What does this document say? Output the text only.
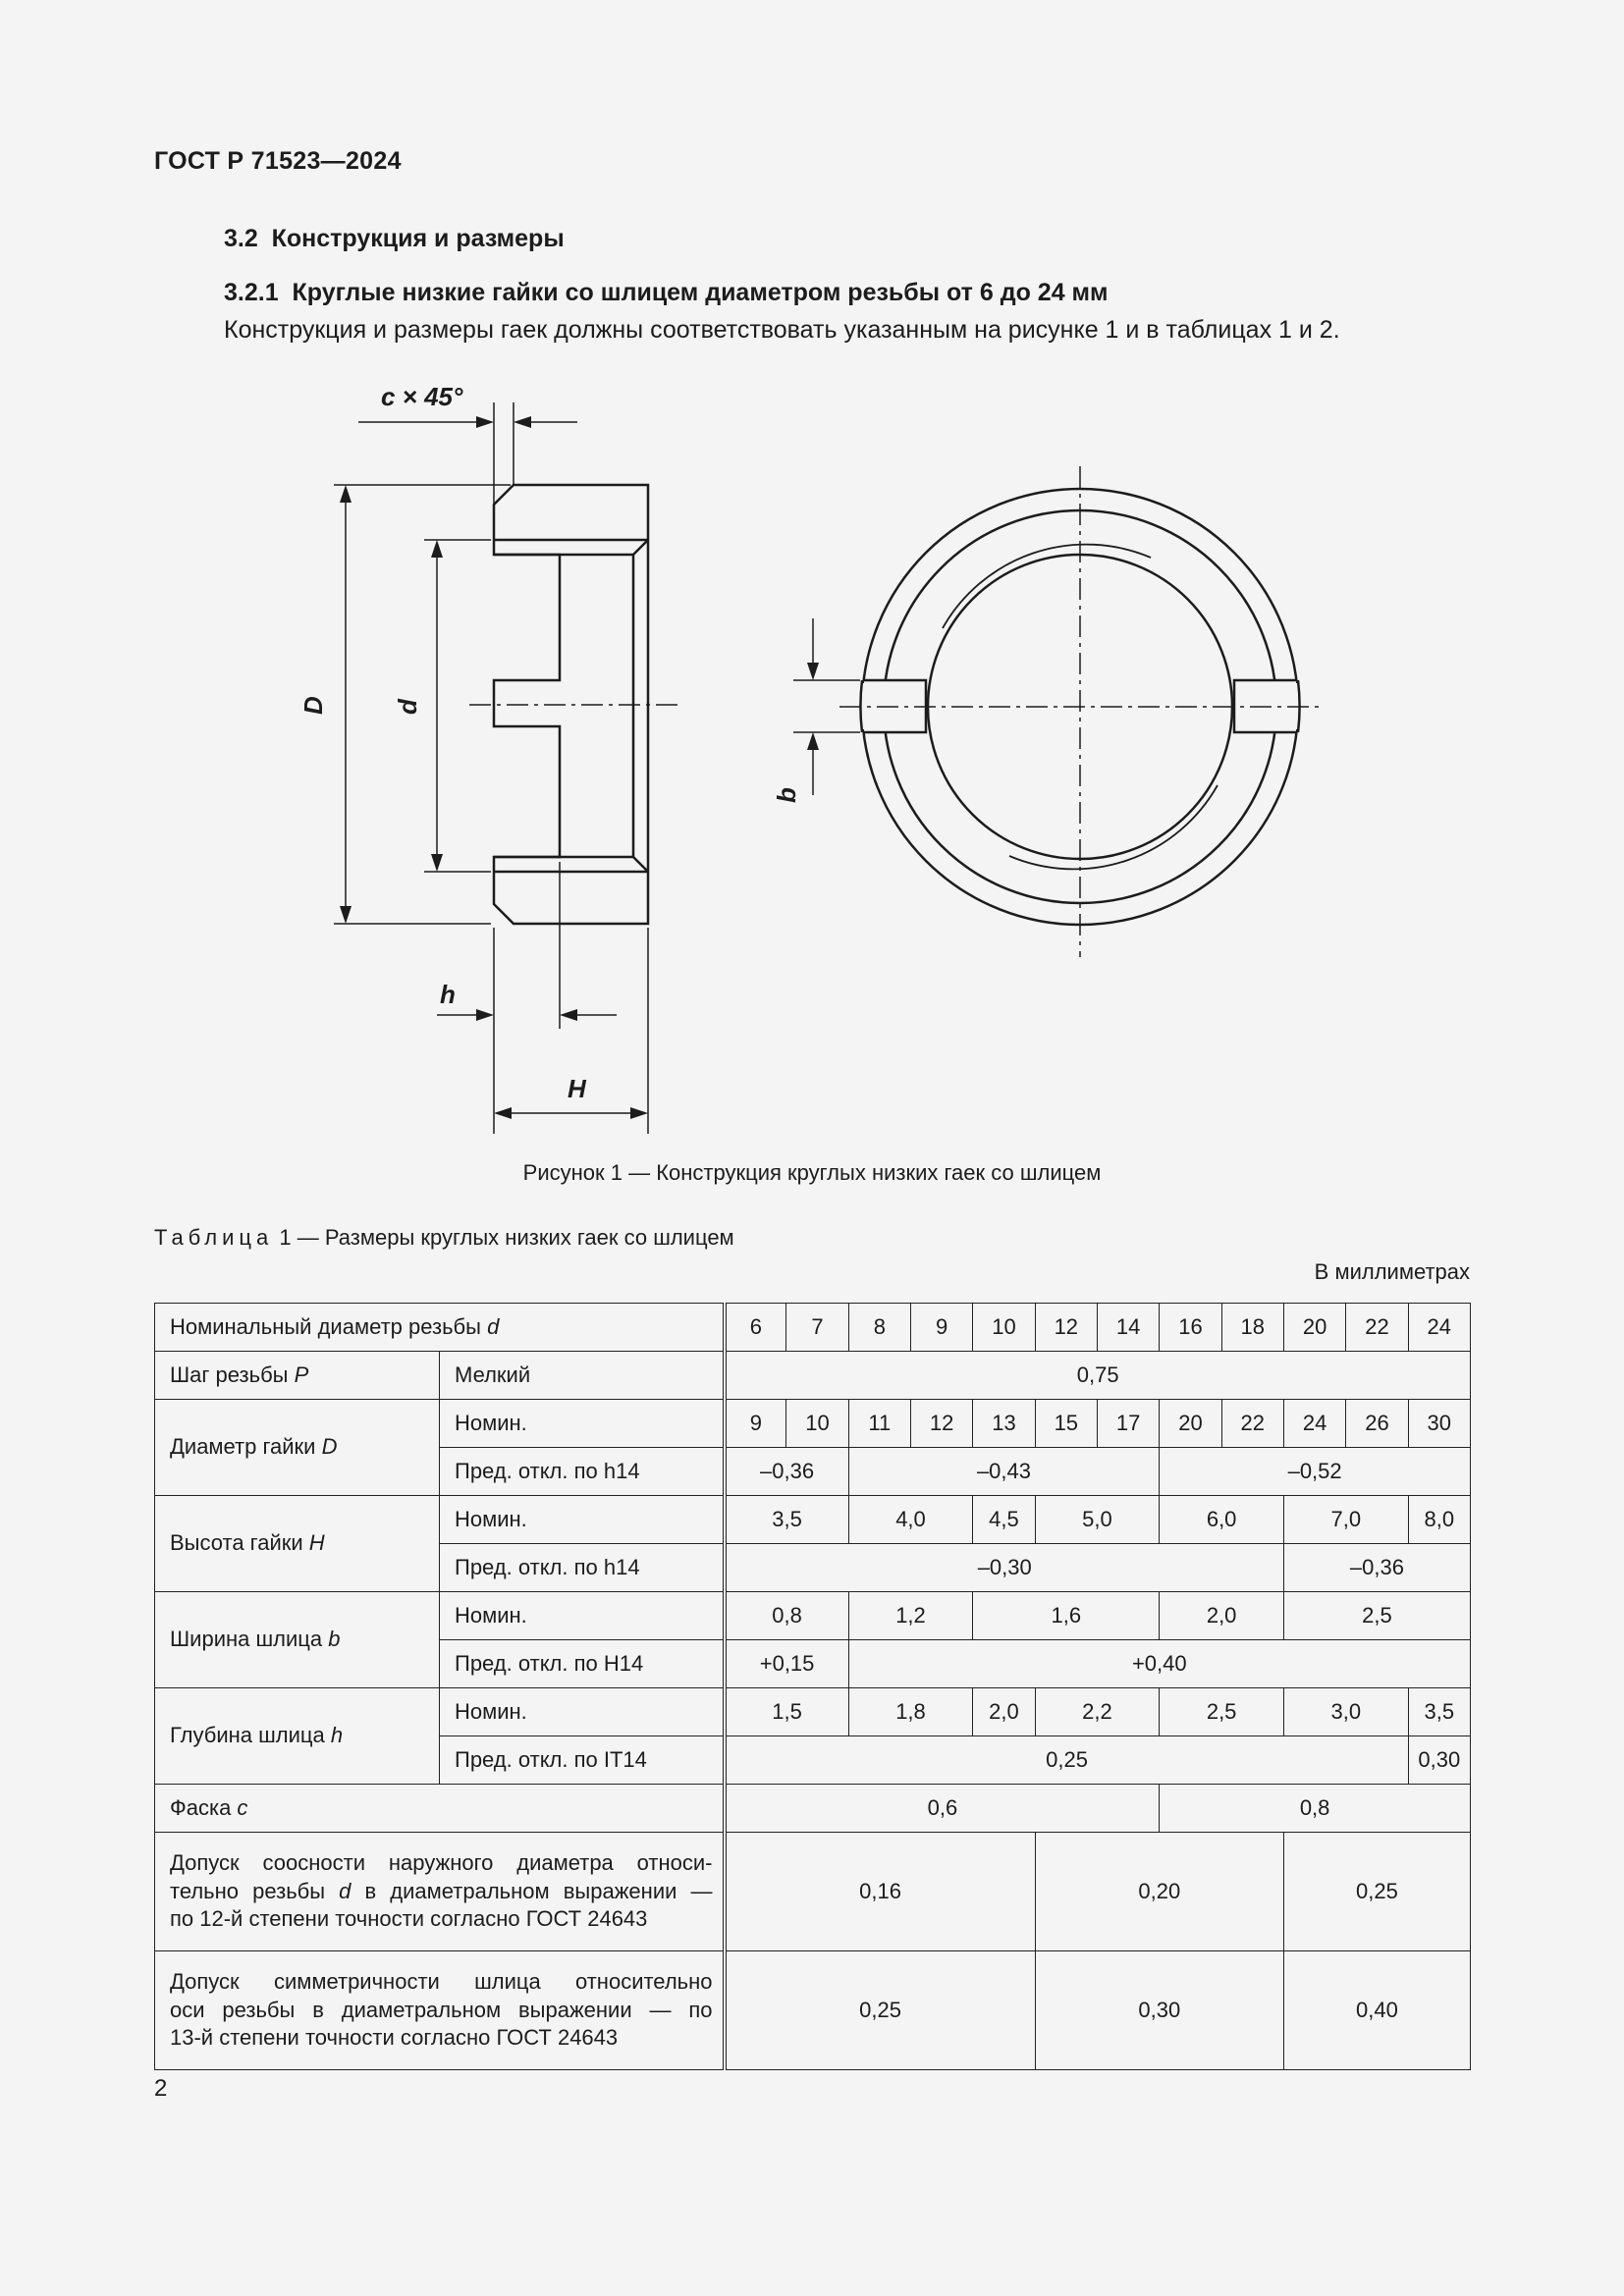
ГОСТ Р 71523—2024
3.2  Конструкция и размеры
3.2.1  Круглые низкие гайки со шлицем диаметром резьбы от 6 до 24 мм
Конструкция и размеры гаек должны соответствовать указанным на рисунке 1 и в таблицах 1 и 2.
c × 45°
D	d
h
H
b
Рисунок 1 — Конструкция круглых низких гаек со шлицем
Таблица 1 — Размеры круглых низких гаек со шлицем
В миллиметрах
Номинальный диаметр резьбы d		6	7	8	9	10	12	14	16	18	20	22	24
Шаг резьбы P	Мелкий	0,75											
Диаметр гайки D	Номин.	9	10	11	12	13	15	17	20	22	24	26	30
	Пред. откл. по h14	–0,36		–0,43					–0,52				
Высота гайки H	Номин.	3,5		4,0		4,5	5,0		6,0		7,0		8,0
	Пред. откл. по h14	–0,30									–0,36		
Ширина шлица b	Номин.	0,8		1,2		1,6			2,0		2,5		
	Пред. откл. по H14	+0,15		+0,40									
Глубина шлица h	Номин.	1,5		1,8		2,0	2,2		2,5		3,0		3,5
	Пред. откл. по IT14	0,25											0,30
Фаска c		0,6							0,8				

Допуск соосности наружного диаметра относи-
тельно резьбы d в диаметральном выражении —
по 12-й степени точности согласно ГОСТ 24643		0,16					0,20				0,25		

Допуск симметричности шлица относительно
оси резьбы в диаметральном выражении — по
13-й степени точности согласно ГОСТ 24643		0,25					0,30				0,40		
2
